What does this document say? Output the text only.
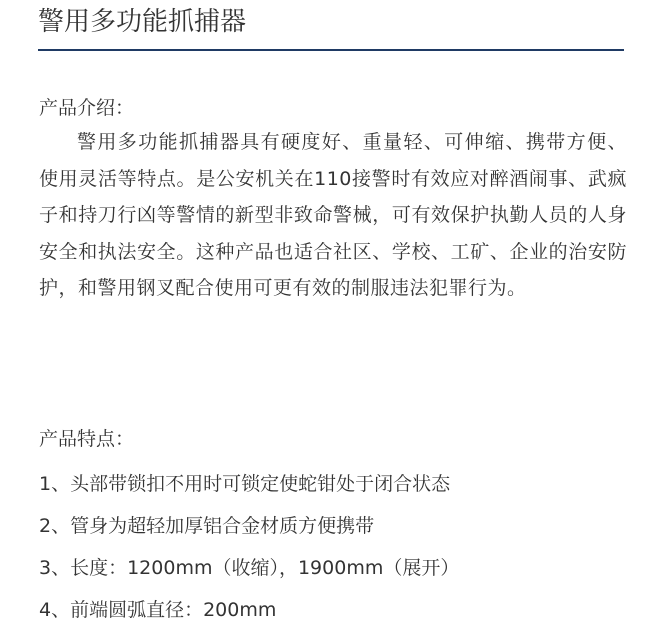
警用多功能抓捕器
产品介绍：
警用多功能抓捕器具有硬度好、重量轻、可伸缩、携带方便、 使用灵活等特点。是公安机关在110接警时有效应对醉酒闹事、武疯子和持刀行凶等警情的新型非致命警械，可有效保护执勤人员的人身安全和执法安全。这种产品也适合社区、学校、工矿、企业的治安防护，和警用钢叉配合使用可更有效的制服违法犯罪行为。
产品特点：
1、头部带锁扣不用时可锁定使蛇钳处于闭合状态
2、管身为超轻加厚铝合金材质方便携带
3、长度：1200mm（收缩），1900mm（展开）
4、前端圆弧直径：200mm
